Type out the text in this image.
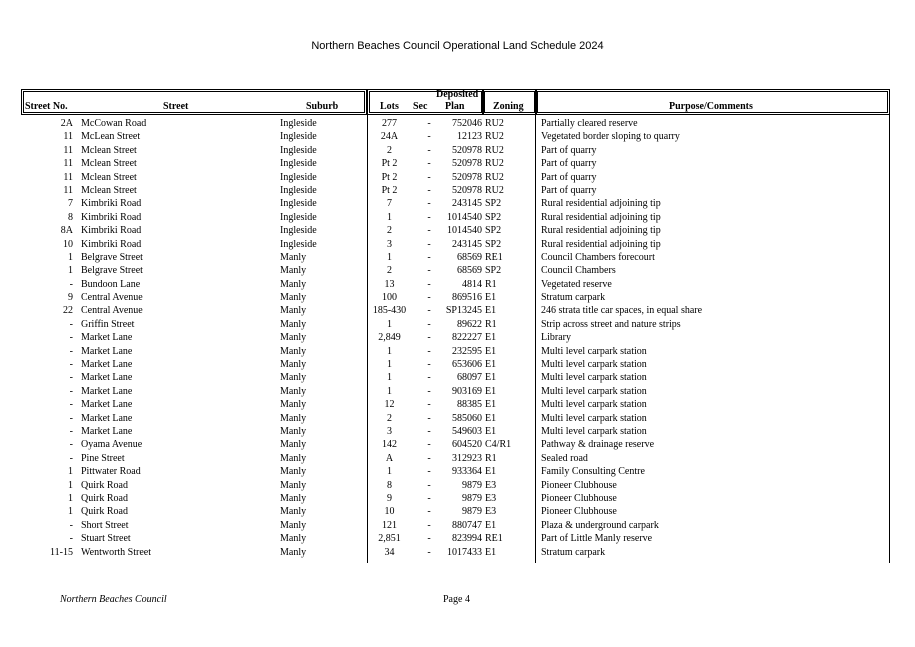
Northern Beaches Council Operational Land Schedule 2024
Street No.	Street	Suburb	Lots Sec
Deposited
Plan	Zoning	Purpose/Comments
2A McCowan Road	Ingleside	277	-	752046 RU2	Partially cleared reserve
11 McLean Street	Ingleside	24A	-	12123 RU2	Vegetated border sloping to quarry
11 Mclean Street	Ingleside	2	-	520978 RU2	Part of quarry
11 Mclean Street	Ingleside	Pt 2	-	520978 RU2	Part of quarry
11 Mclean Street	Ingleside	Pt 2	-	520978 RU2	Part of quarry
11 Mclean Street	Ingleside	Pt 2	-	520978 RU2	Part of quarry
7 Kimbriki Road	Ingleside	7	-	243145 SP2	Rural residential adjoining tip
8 Kimbriki Road	Ingleside	1	-	1014540 SP2	Rural residential adjoining tip
8A Kimbriki Road	Ingleside	2	-	1014540 SP2	Rural residential adjoining tip
10 Kimbriki Road	Ingleside	3	-	243145 SP2	Rural residential adjoining tip
1 Belgrave Street	Manly	1	-	68569 RE1	Council Chambers forecourt
1 Belgrave Street	Manly	2	-	68569 SP2	Council Chambers
- Bundoon Lane	Manly	13	-	4814 R1	Vegetated reserve
9 Central Avenue	Manly	100	-	869516 E1	Stratum carpark
22 Central Avenue	Manly	185-430	-	SP13245 E1	246 strata title car spaces, in equal share
- Griffin Street	Manly	1	-	89622 R1	Strip across street and nature strips
- Market Lane	Manly	2,849	-	822227 E1	Library
- Market Lane	Manly	1	-	232595 E1	Multi level carpark station
- Market Lane	Manly	1	-	653606 E1	Multi level carpark station
- Market Lane	Manly	1	-	68097 E1	Multi level carpark station
- Market Lane	Manly	1	-	903169 E1	Multi level carpark station
- Market Lane	Manly	12	-	88385 E1	Multi level carpark station
- Market Lane	Manly	2	-	585060 E1	Multi level carpark station
- Market Lane	Manly	3	-	549603 E1	Multi level carpark station
- Oyama Avenue	Manly	142	-	604520 C4/R1	Pathway & drainage reserve
- Pine Street	Manly	A	-	312923 R1	Sealed road
1 Pittwater Road	Manly	1	-	933364 E1	Family Consulting Centre
1 Quirk Road	Manly	8	-	9879 E3	Pioneer Clubhouse
1 Quirk Road	Manly	9	-	9879 E3	Pioneer Clubhouse
1 Quirk Road	Manly	10	-	9879 E3	Pioneer Clubhouse
- Short Street	Manly	121	-	880747 E1	Plaza & underground carpark
- Stuart Street	Manly	2,851	-	823994 RE1	Part of Little Manly reserve
11-15 Wentworth Street	Manly	34	-	1017433 E1	Stratum carpark
Northern Beaches Council	Page 4
